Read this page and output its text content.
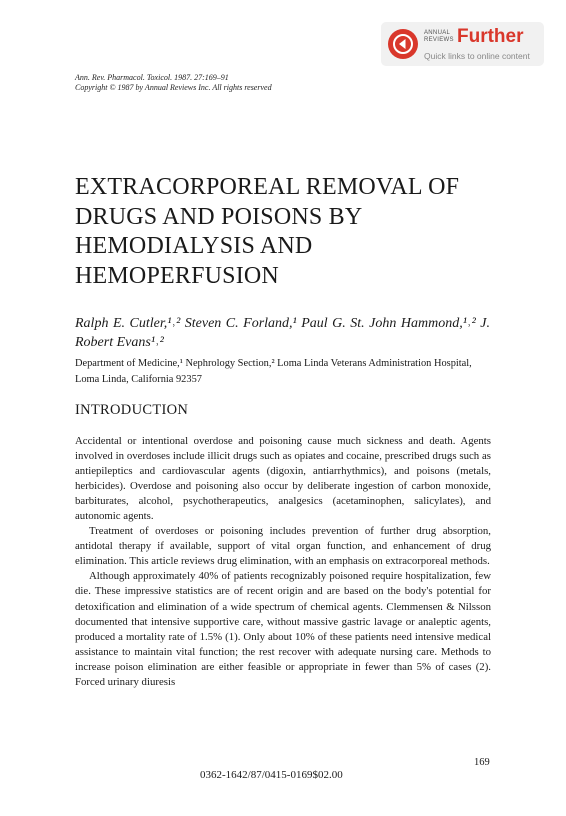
ANNUAL
REVIEWS Further
Quick links to online content
Ann. Rev. Pharmacol. Toxicol. 1987. 27:169–91
Copyright © 1987 by Annual Reviews Inc. All rights reserved
EXTRACORPOREAL REMOVAL OF
DRUGS AND POISONS BY
HEMODIALYSIS AND
HEMOPERFUSION
Ralph E. Cutler,¹˒² Steven C. Forland,¹ Paul G. St. John Hammond,¹˒² J. Robert Evans¹˒²
Department of Medicine,¹ Nephrology Section,² Loma Linda Veterans Administration Hospital, Loma Linda, California 92357
INTRODUCTION

Accidental or intentional overdose and poisoning cause much sickness and death. Agents involved in overdoses include illicit drugs such as opiates and cocaine, prescribed drugs such as antiepileptics and cardiovascular agents (digoxin, antiarrhythmics), and poisons (metals, herbicides). Overdose and poisoning also occur by deliberate ingestion of carbon monoxide, barbiturates, alcohol, psychotherapeutics, analgesics (acetaminophen, salicylates), and autonomic agents.

Treatment of overdoses or poisoning includes prevention of further drug absorption, antidotal therapy if available, support of vital organ function, and enhancement of drug elimination. This article reviews drug elimination, with an emphasis on extracorporeal methods.

Although approximately 40% of patients recognizably poisoned require hospitalization, few die. These impressive statistics are of recent origin and are based on the body's potential for detoxification and elimination of a wide spectrum of chemical agents. Clemmensen & Nilsson documented that intensive supportive care, without massive gastric lavage or analeptic agents, produced a mortality rate of 1.5% (1). Only about 10% of these patients need intensive medical assistance to maintain vital function; the rest recover with adequate nursing care. Methods to increase poison elimination are either feasible or appropriate in fewer than 5% of cases (2). Forced urinary diuresis

169
0362-1642/87/0415-0169$02.00
